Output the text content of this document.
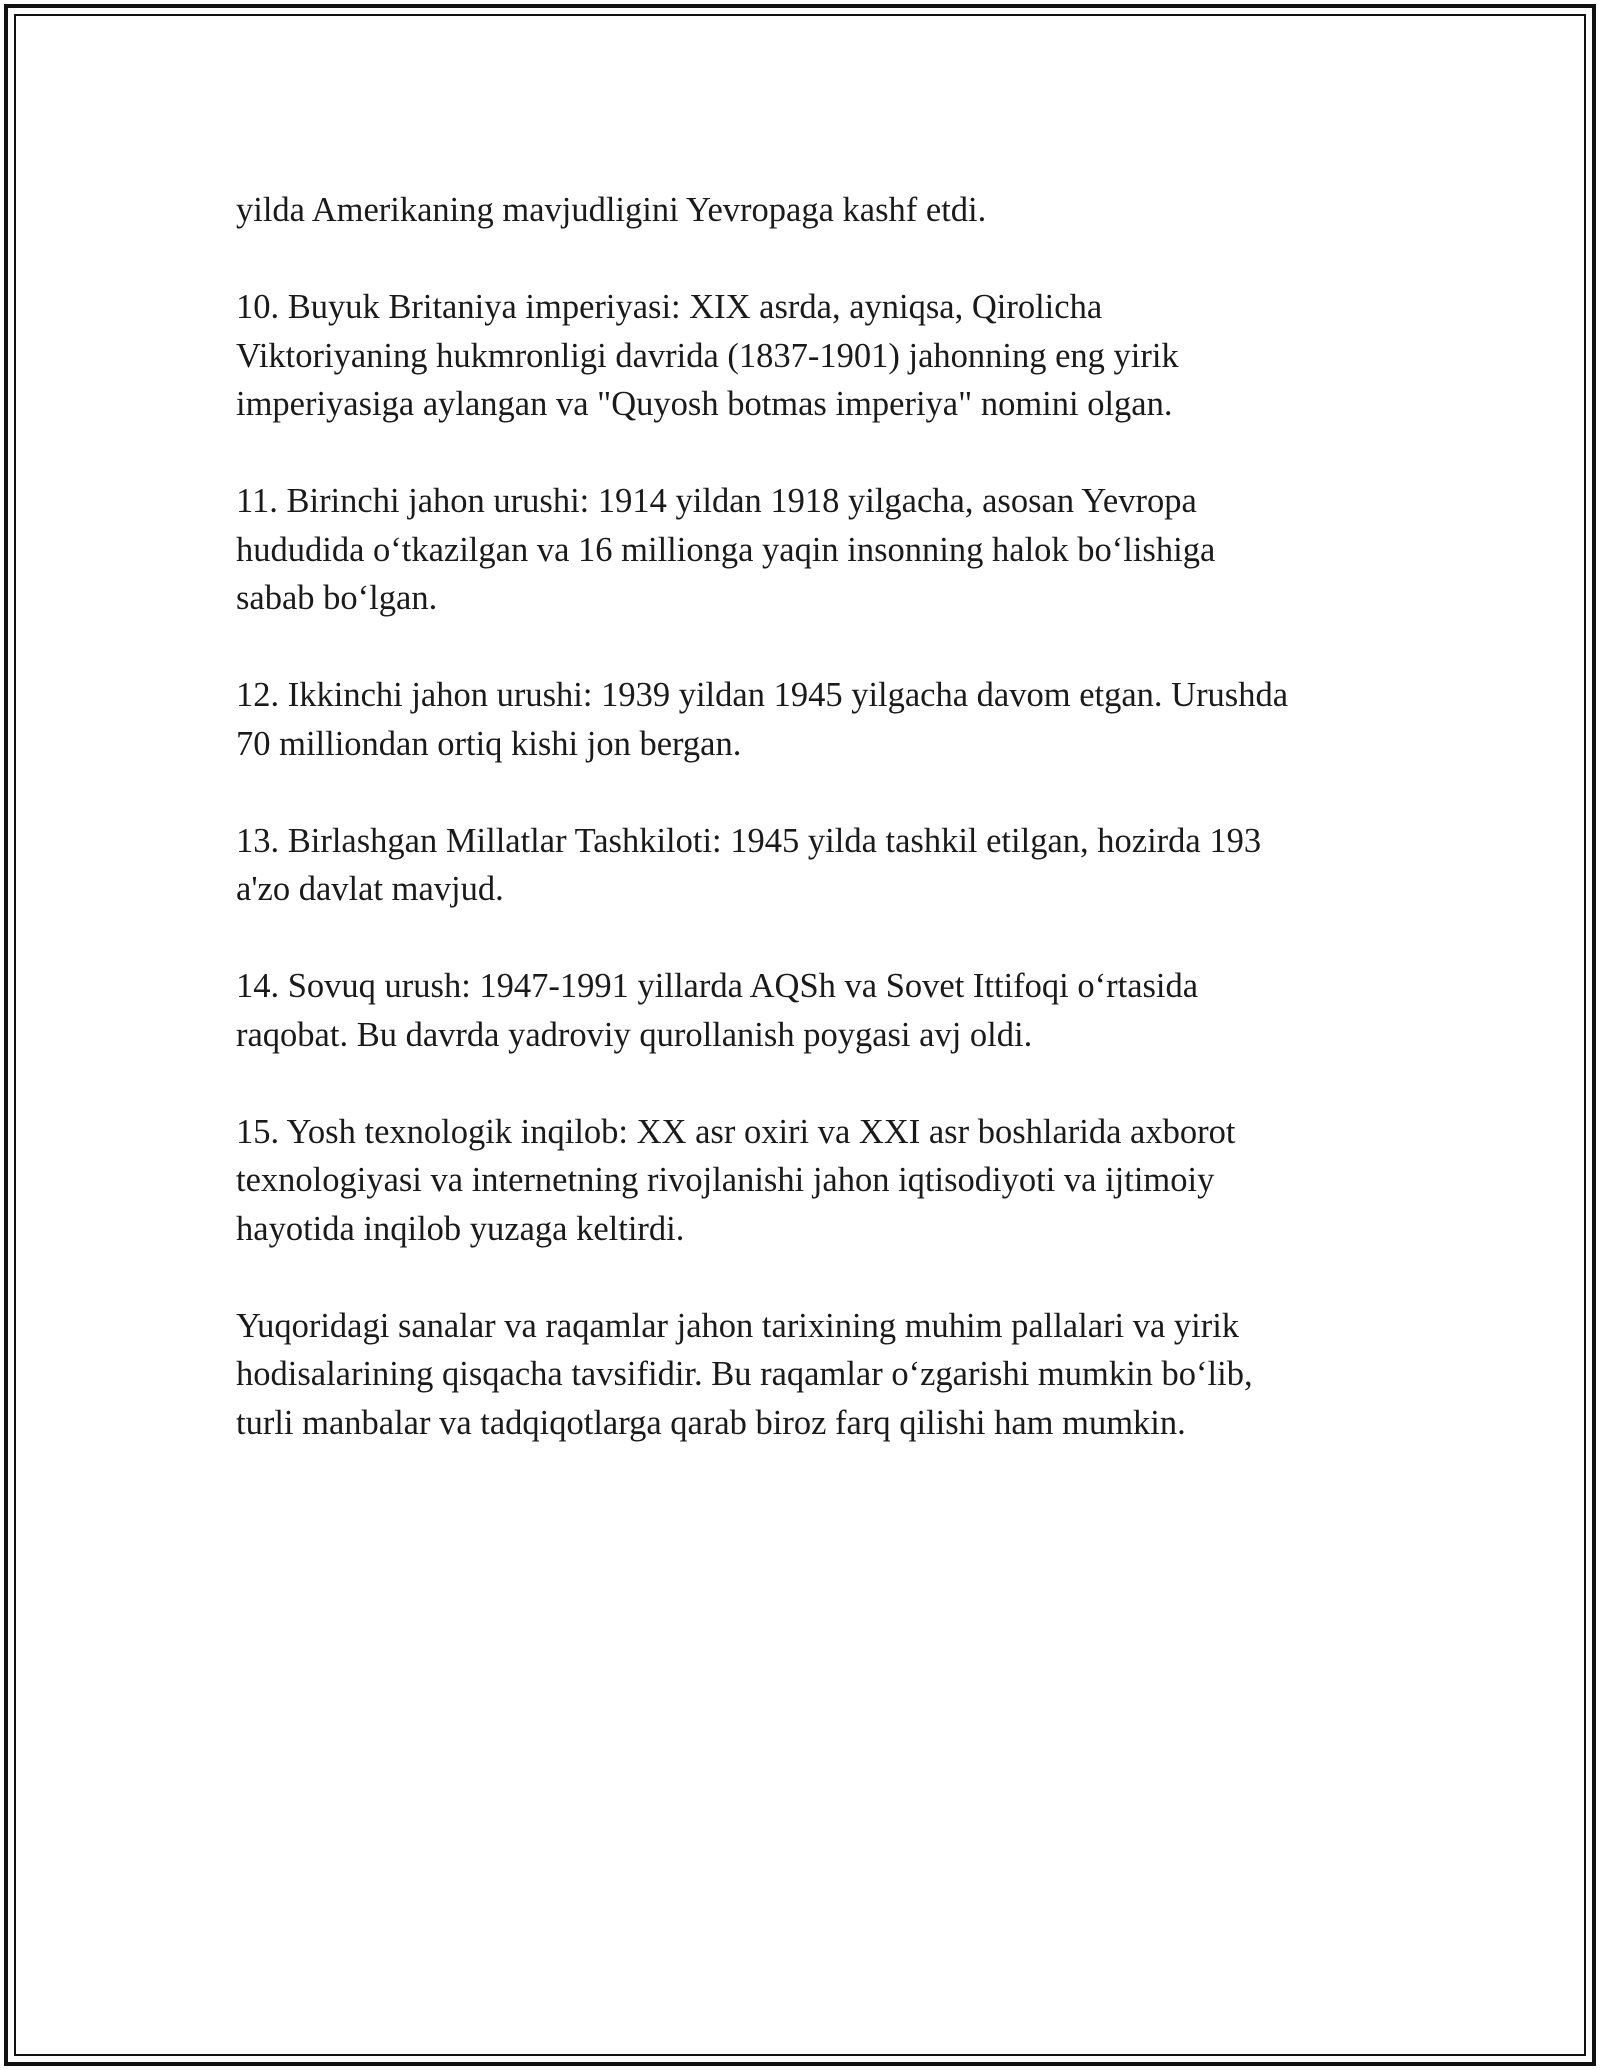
yilda Amerikaning mavjudligini Yevropaga kashf etdi.

10. Buyuk Britaniya imperiyasi: XIX asrda, ayniqsa, Qirolicha
Viktoriyaning hukmronligi davrida (1837-1901) jahonning eng yirik
imperiyasiga aylangan va "Quyosh botmas imperiya" nomini olgan.

11. Birinchi jahon urushi: 1914 yildan 1918 yilgacha, asosan Yevropa
hududida o‘tkazilgan va 16 millionga yaqin insonning halok bo‘lishiga
sabab bo‘lgan.

12. Ikkinchi jahon urushi: 1939 yildan 1945 yilgacha davom etgan. Urushda
70 milliondan ortiq kishi jon bergan.

13. Birlashgan Millatlar Tashkiloti: 1945 yilda tashkil etilgan, hozirda 193
a'zo davlat mavjud.

14. Sovuq urush: 1947-1991 yillarda AQSh va Sovet Ittifoqi o‘rtasida
raqobat. Bu davrda yadroviy qurollanish poygasi avj oldi.

15. Yosh texnologik inqilob: XX asr oxiri va XXI asr boshlarida axborot
texnologiyasi va internetning rivojlanishi jahon iqtisodiyoti va ijtimoiy
hayotida inqilob yuzaga keltirdi.

Yuqoridagi sanalar va raqamlar jahon tarixining muhim pallalari va yirik
hodisalarining qisqacha tavsifidir. Bu raqamlar o‘zgarishi mumkin bo‘lib,
turli manbalar va tadqiqotlarga qarab biroz farq qilishi ham mumkin.
